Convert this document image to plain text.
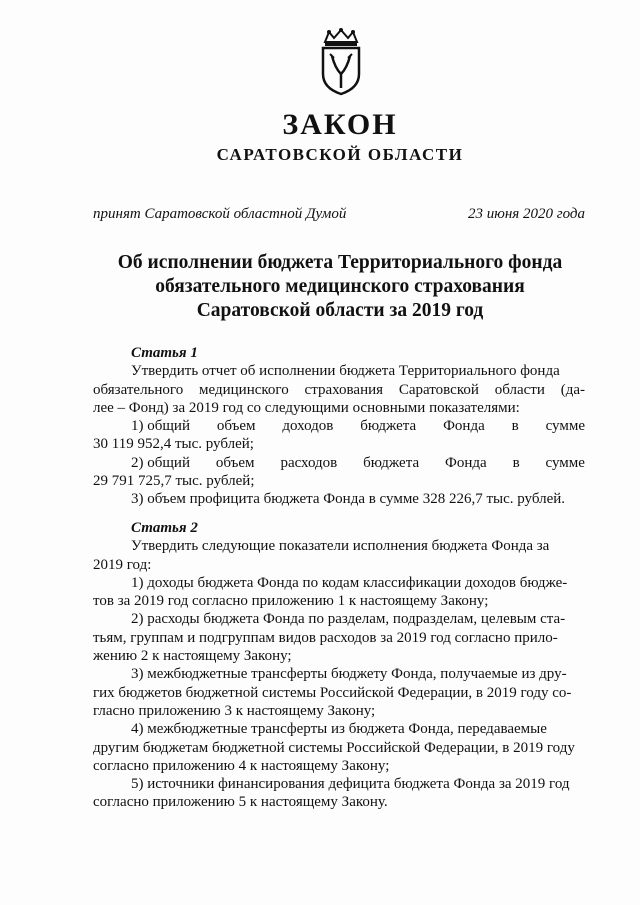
ЗАКОН
САРАТОВСКОЙ ОБЛАСТИ
принят Саратовской областной Думой	23 июня 2020 года
Об исполнении бюджета Территориального фонда
обязательного медицинского страхования
Саратовской области за 2019 год
Статья 1
Утвердить отчет об исполнении бюджета Территориального фонда
обязательного медицинского страхования Саратовской области (да-
лее – Фонд) за 2019 год со следующими основными показателями:
1) общий объем доходов бюджета Фонда в сумме
30 119 952,4 тыс. рублей;
2) общий объем расходов бюджета Фонда в сумме
29 791 725,7 тыс. рублей;
3) объем профицита бюджета Фонда в сумме 328 226,7 тыс. рублей.
Статья 2
Утвердить следующие показатели исполнения бюджета Фонда за
2019 год:
1) доходы бюджета Фонда по кодам классификации доходов бюдже-
тов за 2019 год согласно приложению 1 к настоящему Закону;
2) расходы бюджета Фонда по разделам, подразделам, целевым ста-
тьям, группам и подгруппам видов расходов за 2019 год согласно прило-
жению 2 к настоящему Закону;
3) межбюджетные трансферты бюджету Фонда, получаемые из дру-
гих бюджетов бюджетной системы Российской Федерации, в 2019 году со-
гласно приложению 3 к настоящему Закону;
4) межбюджетные трансферты из бюджета Фонда, передаваемые
другим бюджетам бюджетной системы Российской Федерации, в 2019 году
согласно приложению 4 к настоящему Закону;
5) источники финансирования дефицита бюджета Фонда за 2019 год
согласно приложению 5 к настоящему Закону.
